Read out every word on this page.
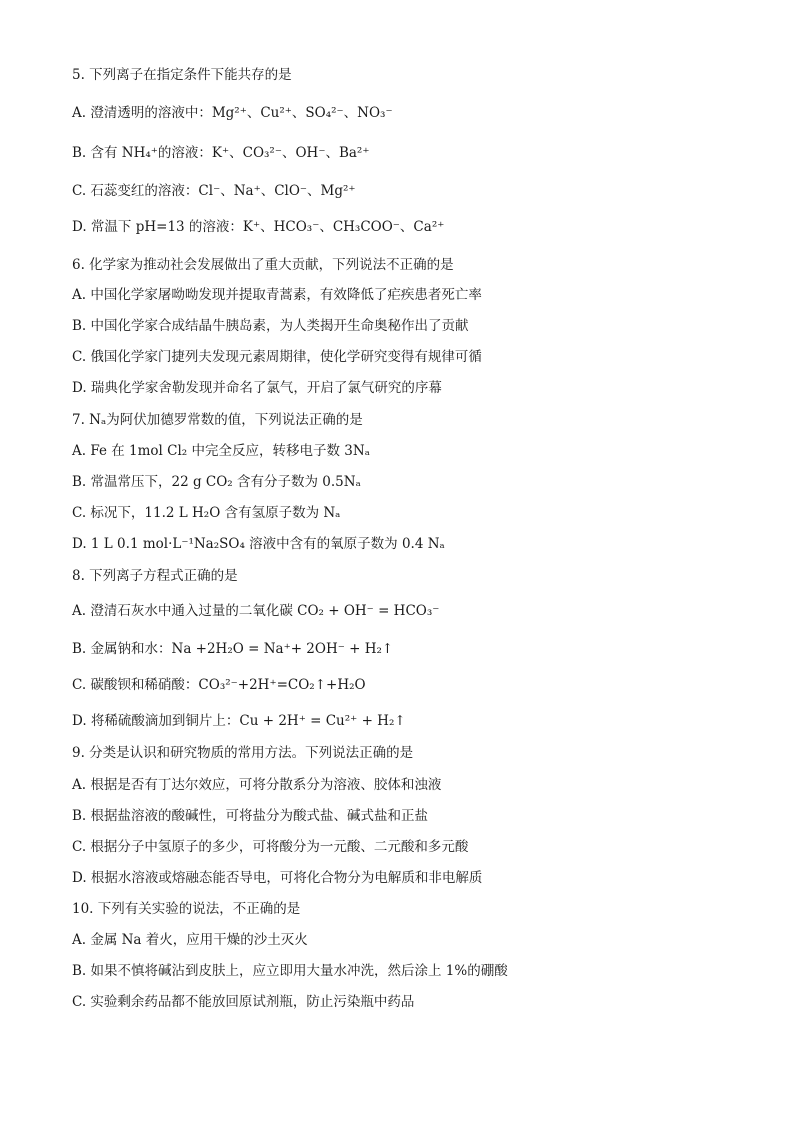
5. 下列离子在指定条件下能共存的是
A. 澄清透明的溶液中：Mg²⁺、Cu²⁺、SO₄²⁻、NO₃⁻
B. 含有 NH₄⁺的溶液：K⁺、CO₃²⁻、OH⁻、Ba²⁺
C. 石蕊变红的溶液：Cl⁻、Na⁺、ClO⁻、Mg²⁺
D. 常温下 pH=13 的溶液：K⁺、HCO₃⁻、CH₃COO⁻、Ca²⁺
6. 化学家为推动社会发展做出了重大贡献，下列说法不正确的是
A. 中国化学家屠呦呦发现并提取青蒿素，有效降低了疟疾患者死亡率
B. 中国化学家合成结晶牛胰岛素，为人类揭开生命奥秘作出了贡献
C. 俄国化学家门捷列夫发现元素周期律，使化学研究变得有规律可循
D. 瑞典化学家舍勒发现并命名了氯气，开启了氯气研究的序幕
7. Nₐ为阿伏加德罗常数的值，下列说法正确的是
A. Fe 在 1mol Cl₂ 中完全反应，转移电子数 3Nₐ
B. 常温常压下，22 g CO₂ 含有分子数为 0.5Nₐ
C. 标况下，11.2 L H₂O 含有氢原子数为 Nₐ
D. 1 L 0.1 mol·L⁻¹Na₂SO₄ 溶液中含有的氧原子数为 0.4 Nₐ
8. 下列离子方程式正确的是
A. 澄清石灰水中通入过量的二氧化碳 CO₂ + OH⁻ = HCO₃⁻
B. 金属钠和水：Na +2H₂O = Na⁺+ 2OH⁻ + H₂↑
C. 碳酸钡和稀硝酸：CO₃²⁻+2H⁺=CO₂↑+H₂O
D. 将稀硫酸滴加到铜片上：Cu + 2H⁺ = Cu²⁺ + H₂↑
9. 分类是认识和研究物质的常用方法。下列说法正确的是
A. 根据是否有丁达尔效应，可将分散系分为溶液、胶体和浊液
B. 根据盐溶液的酸碱性，可将盐分为酸式盐、碱式盐和正盐
C. 根据分子中氢原子的多少，可将酸分为一元酸、二元酸和多元酸
D. 根据水溶液或熔融态能否导电，可将化合物分为电解质和非电解质
10. 下列有关实验的说法，不正确的是
A. 金属 Na 着火，应用干燥的沙土灭火
B. 如果不慎将碱沾到皮肤上，应立即用大量水冲洗，然后涂上 1%的硼酸
C. 实验剩余药品都不能放回原试剂瓶，防止污染瓶中药品
